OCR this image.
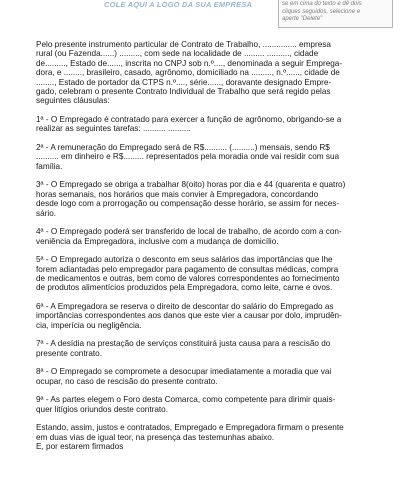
COLE AQUI A LOGO DA SUA EMPRESA	se em cima do texto e dê dois
cliques seguidos, selecione e
aperte "Delete"

Pelo presente instrumento particular de Contrato de Trabalho, ............... empresa
rural (ou Fazenda......) ........., com sede na localidade de ......... .........., cidade
de........., Estado de......, inscrita no CNPJ sob n.º...., denominada a seguir Emprega-
dora, e ........, brasileiro, casado, agrônomo, domiciliado na ........., n.º......, cidade de
........, Estado de portador da CTPS n.º...., série......, doravante designado Empre-
gado, celebram o presente Contrato Individual de Trabalho que será regido pelas
seguintes cláusulas:

1ª - O Empregado é contratado para exercer a função de agrônomo, obrigando-se a
realizar as seguintes tarefas: .......... ..........

2ª - A remuneração do Empregado será de R$.......... (..........) mensais, sendo R$
.......... em dinheiro e R$......... representados pela moradia onde vai residir com sua
família.

3ª - O Empregado se obriga a trabalhar 8(oito) horas por dia e 44 (quarenta e quatro)
horas semanais, nos horários que mais convier à Empregadora, concordando
desde logo com a prorrogação ou compensação desse horário, se assim for neces-
sário.

4ª - O Empregado poderá ser transferido de local de trabalho, de acordo com a con-
veniência da Empregadora, inclusive com a mudança de domicílio.

5ª - O Empregado autoriza o desconto em seus salários das importâncias que lhe
forem adiantadas pelo empregador para pagamento de consultas médicas, compra
de medicamentos e outras, bem como de valores correspondentes ao fornecimento
de produtos alimentícios produzidos pela Empregadora, como leite, carne e ovos.

6ª - A Empregadora se reserva o direito de descontar do salário do Empregado as
importâncias correspondentes aos danos que este vier a causar por dolo, imprudên-
cia, imperícia ou negligência.

7ª - A desídia na prestação de serviços constituirá justa causa para a rescisão do
presente contrato.

8ª - O Empregado se compromete a desocupar imediatamente a moradia que vai
ocupar, no caso de rescisão do presente contrato.

9ª - As partes elegem o Foro desta Comarca, como competente para dirimir quais-
quer litígios oriundos deste contrato.

Estando, assim, justos e contratados, Empregado e Empregadora firmam o presente
em duas vias de igual teor, na presença das testemunhas abaixo.
E, por estarem firmados
